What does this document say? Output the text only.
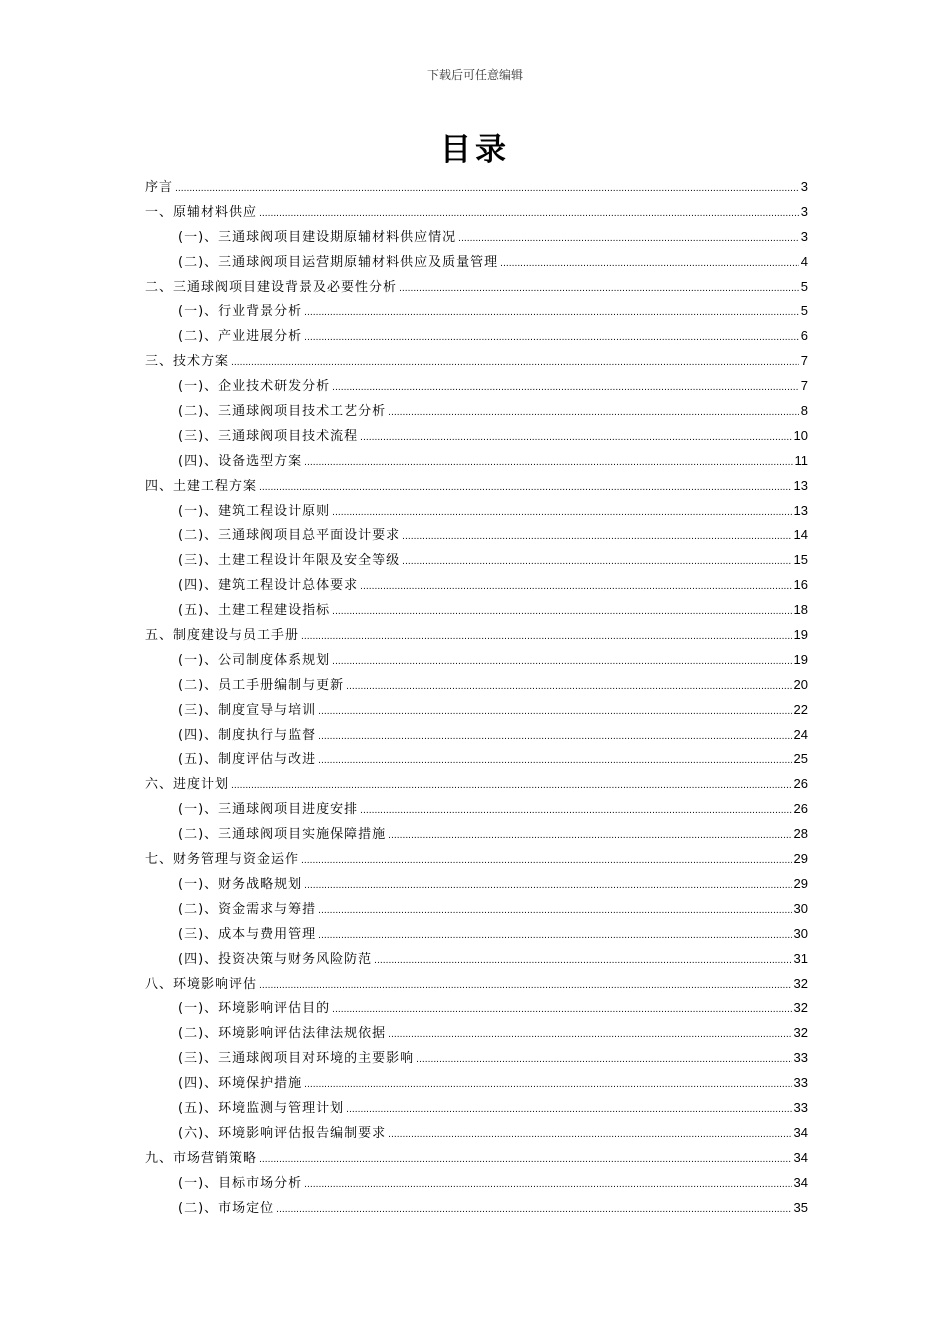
下载后可任意编辑
目录
序言 .....	3
一、原辅材料供应 .....	3
(一)、三通球阀项目建设期原辅材料供应情况 .....	3
(二)、三通球阀项目运营期原辅材料供应及质量管理 .....	4
二、三通球阀项目建设背景及必要性分析 .....	5
(一)、行业背景分析 .....	5
(二)、产业进展分析 .....	6
三、技术方案 .....	7
(一)、企业技术研发分析 .....	7
(二)、三通球阀项目技术工艺分析 .....	8
(三)、三通球阀项目技术流程 .....	10
(四)、设备选型方案 .....	11
四、土建工程方案 .....	13
(一)、建筑工程设计原则 .....	13
(二)、三通球阀项目总平面设计要求 .....	14
(三)、土建工程设计年限及安全等级 .....	15
(四)、建筑工程设计总体要求 .....	16
(五)、土建工程建设指标 .....	18
五、制度建设与员工手册 .....	19
(一)、公司制度体系规划 .....	19
(二)、员工手册编制与更新 .....	20
(三)、制度宣导与培训 .....	22
(四)、制度执行与监督 .....	24
(五)、制度评估与改进 .....	25
六、进度计划 .....	26
(一)、三通球阀项目进度安排 .....	26
(二)、三通球阀项目实施保障措施 .....	28
七、财务管理与资金运作 .....	29
(一)、财务战略规划 .....	29
(二)、资金需求与筹措 .....	30
(三)、成本与费用管理 .....	30
(四)、投资决策与财务风险防范 .....	31
八、环境影响评估 .....	32
(一)、环境影响评估目的 .....	32
(二)、环境影响评估法律法规依据 .....	32
(三)、三通球阀项目对环境的主要影响 .....	33
(四)、环境保护措施 .....	33
(五)、环境监测与管理计划 .....	33
(六)、环境影响评估报告编制要求 .....	34
九、市场营销策略 .....	34
(一)、目标市场分析 .....	34
(二)、市场定位 .....	35
